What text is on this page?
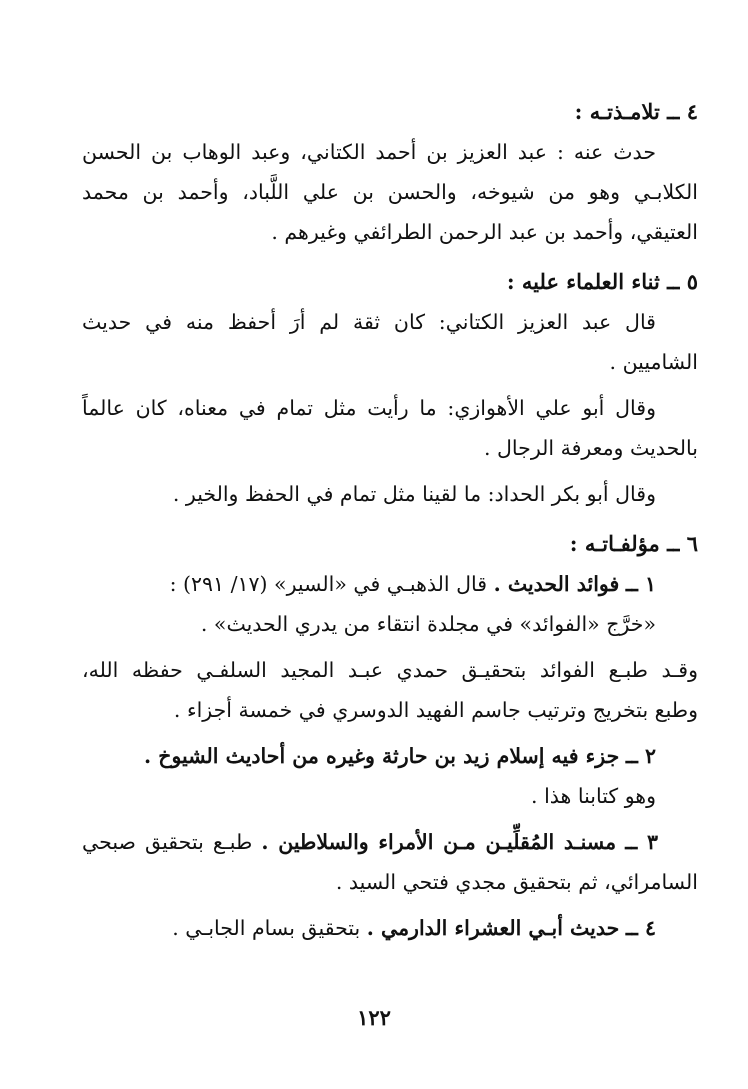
٤ ــ تلامـذتـه :

حدث عنه : عبد العزيز بن أحمد الكتاني، وعبد الوهاب بن الحسن

الكلابـي وهو من شيوخه، والحسن بن علي اللَّباد، وأحمد بن محمد

العتيقي، وأحمد بن عبد الرحمن الطرائفي وغيرهم .

٥ ــ ثناء العلماء عليه :

قال عبد العزيز الكتاني: كان ثقة لم أرَ أحفظ منه في حديث

الشاميين .

وقال أبو علي الأهوازي: ما رأيت مثل تمام في معناه، كان عالماً

بالحديث ومعرفة الرجال .

وقال أبو بكر الحداد: ما لقينا مثل تمام في الحفظ والخير .

٦ ــ مؤلفـاتـه :

١ ــ فوائد الحديث . قال الذهبـي في «السير» (١٧/ ٢٩١) :

«خرَّج «الفوائد» في مجلدة انتقاء من يدري الحديث» .

وقـد طبـع الفوائد بتحقيـق حمدي عبـد المجيد السلفـي حفظه الله،

وطبع بتخريج وترتيب جاسم الفهيد الدوسري في خمسة أجزاء .

٢ ــ جزء فيه إسلام زيد بن حارثة وغيره من أحاديث الشيوخ .

وهو كتابنا هذا .

٣ ــ مسنـد المُقلِّيـن مـن الأمراء والسلاطين . طبـع بتحقيق صبحي

السامرائي، ثم بتحقيق مجدي فتحي السيد .

٤ ــ حديث أبـي العشراء الدارمي . بتحقيق بسام الجابـي .

١٢٢
